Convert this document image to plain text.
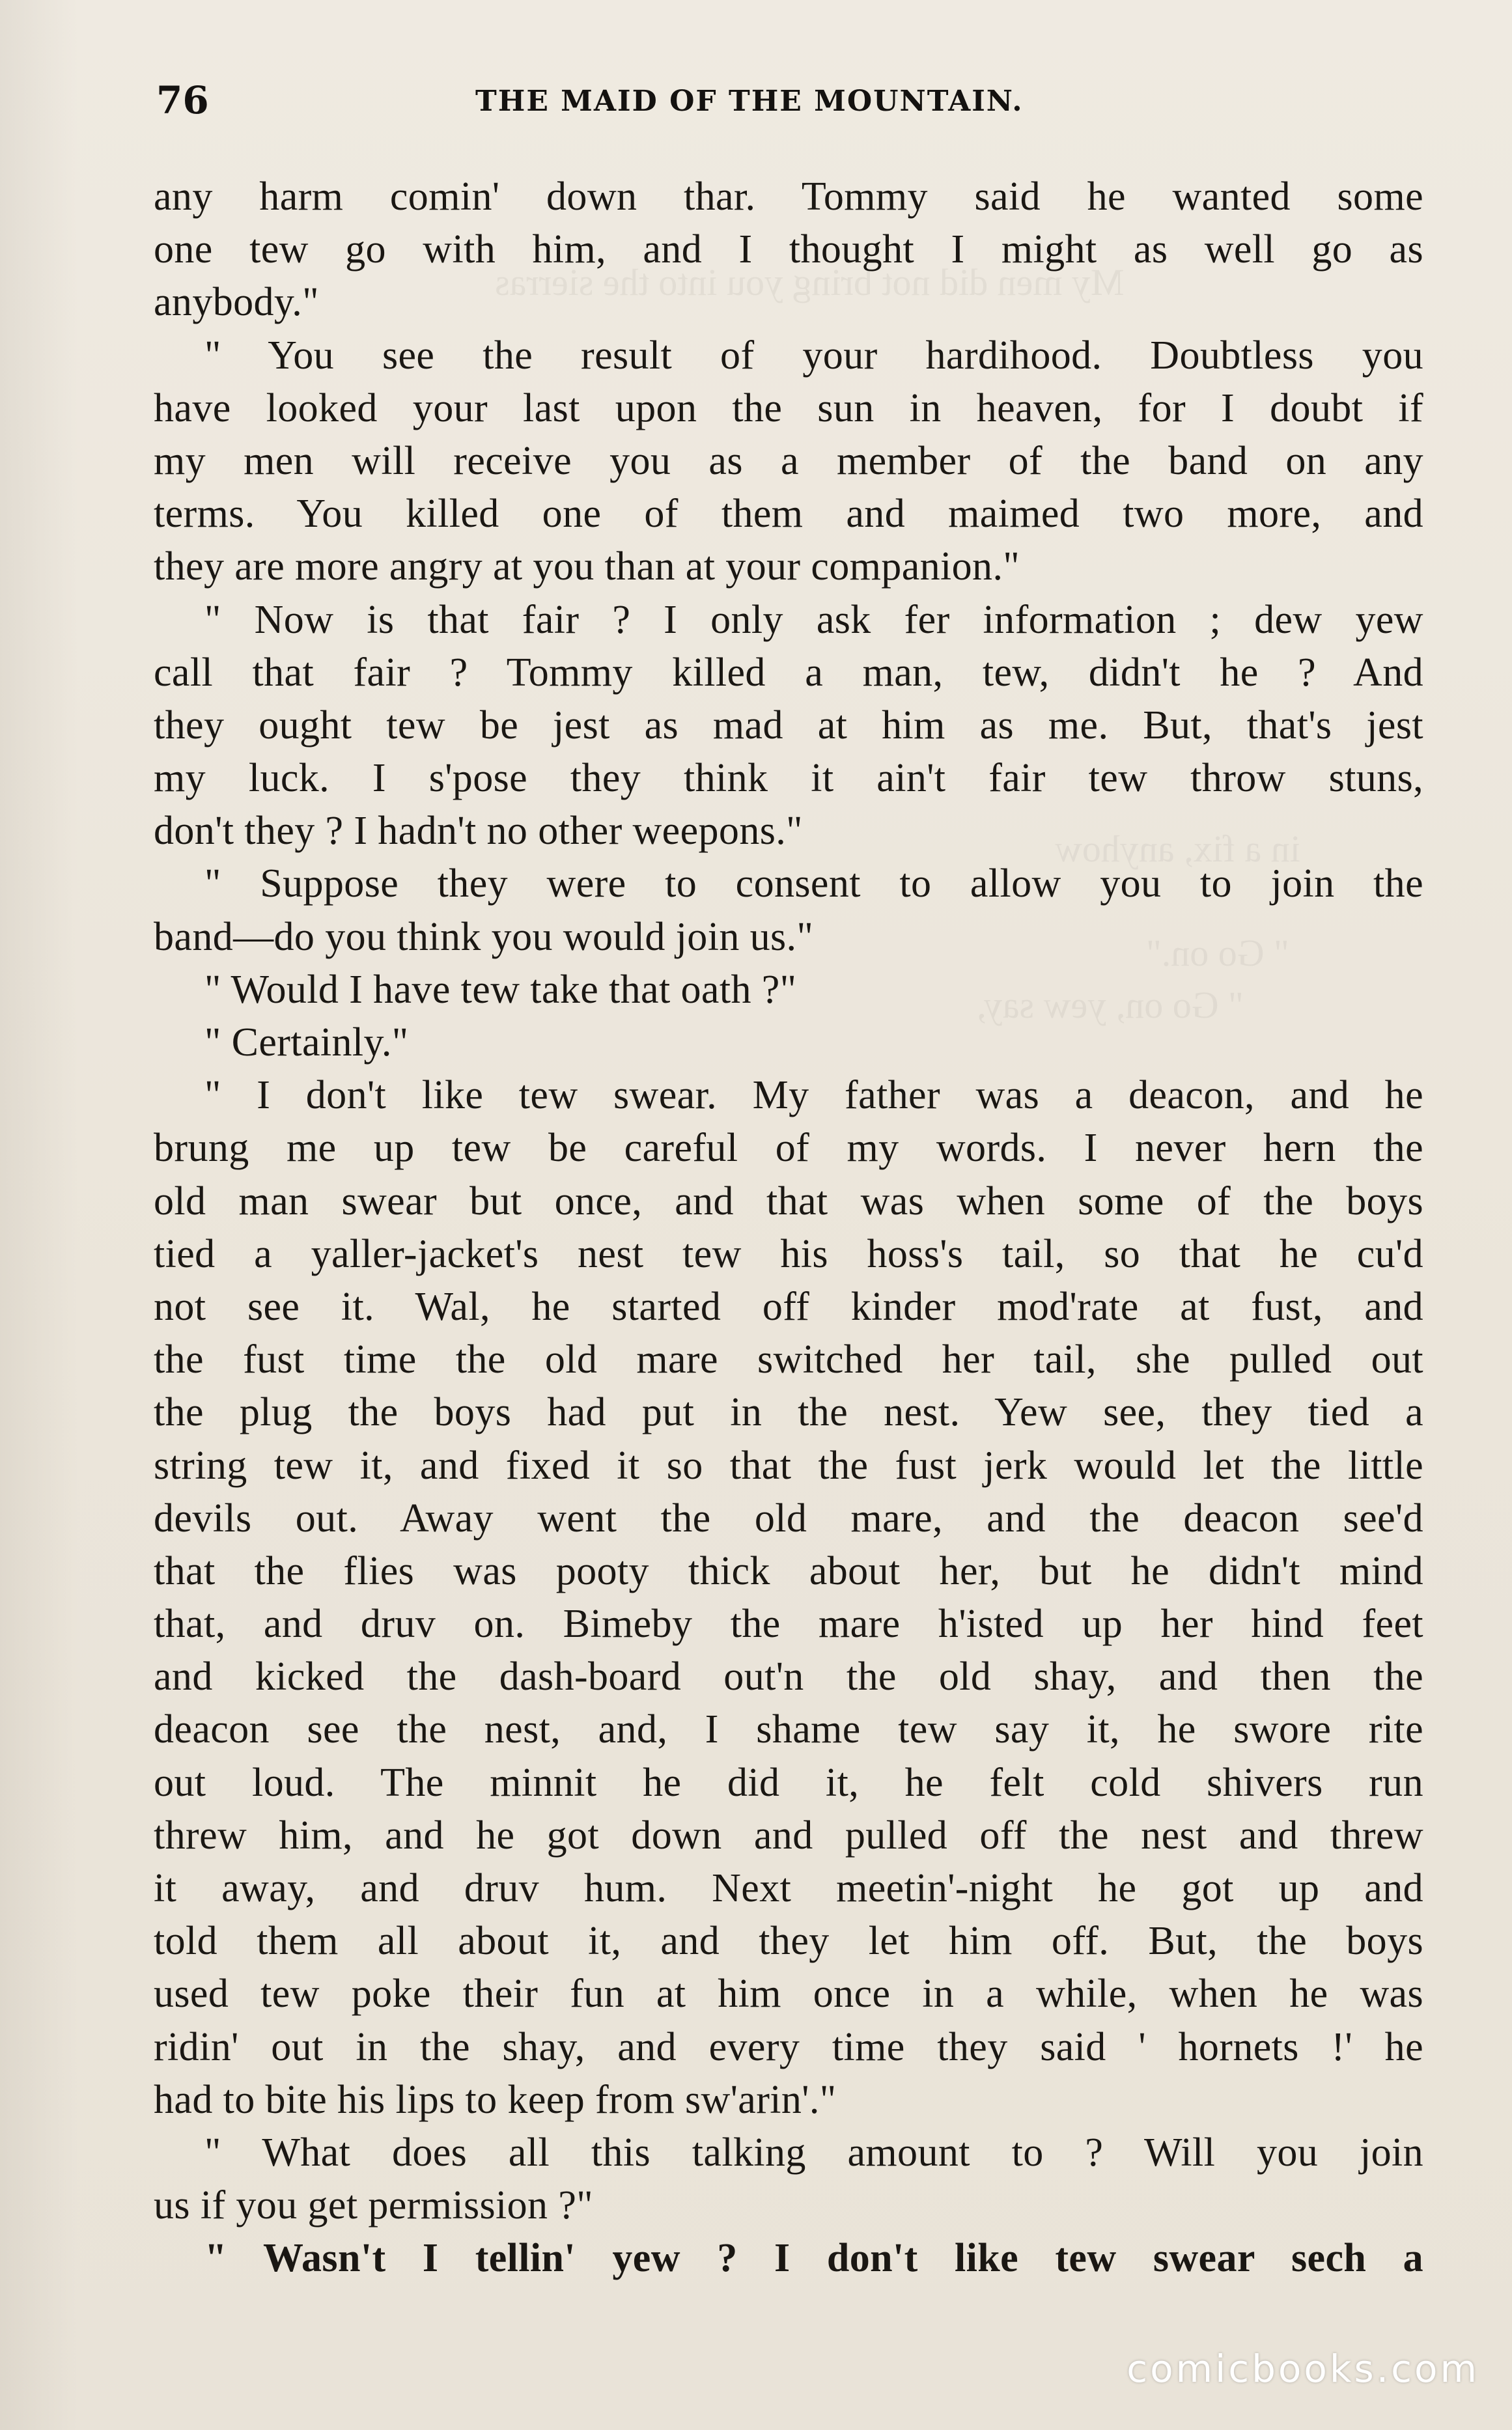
My men did not bring you into the sierras
in a fix, anyhow
" Go on."
" Go on, yew say,
76	THE MAID OF THE MOUNTAIN.
any harm comin' down thar. Tommy said he wanted some
one tew go with him, and I thought I might as well go as
anybody."
" You see the result of your hardihood. Doubtless you
have looked your last upon the sun in heaven, for I doubt if
my men will receive you as a member of the band on any
terms. You killed one of them and maimed two more, and
they are more angry at you than at your companion."
" Now is that fair ? I only ask fer information ; dew yew
call that fair ? Tommy killed a man, tew, didn't he ? And
they ought tew be jest as mad at him as me. But, that's jest
my luck. I s'pose they think it ain't fair tew throw stuns,
don't they ? I hadn't no other weepons."
" Suppose they were to consent to allow you to join the
band—do you think you would join us."
" Would I have tew take that oath ?"
" Certainly."
" I don't like tew swear. My father was a deacon, and he
brung me up tew be careful of my words. I never hern the
old man swear but once, and that was when some of the boys
tied a yaller-jacket's nest tew his hoss's tail, so that he cu'd
not see it. Wal, he started off kinder mod'rate at fust, and
the fust time the old mare switched her tail, she pulled out
the plug the boys had put in the nest. Yew see, they tied a
string tew it, and fixed it so that the fust jerk would let the little
devils out. Away went the old mare, and the deacon see'd
that the flies was pooty thick about her, but he didn't mind
that, and druv on. Bimeby the mare h'isted up her hind feet
and kicked the dash-board out'n the old shay, and then the
deacon see the nest, and, I shame tew say it, he swore rite
out loud. The minnit he did it, he felt cold shivers run
threw him, and he got down and pulled off the nest and threw
it away, and druv hum. Next meetin'-night he got up and
told them all about it, and they let him off. But, the boys
used tew poke their fun at him once in a while, when he was
ridin' out in the shay, and every time they said ' hornets !' he
had to bite his lips to keep from sw'arin'."
" What does all this talking amount to ? Will you join
us if you get permission ?"
" Wasn't I tellin' yew ? I don't like tew swear sech a
comicbooks.com
